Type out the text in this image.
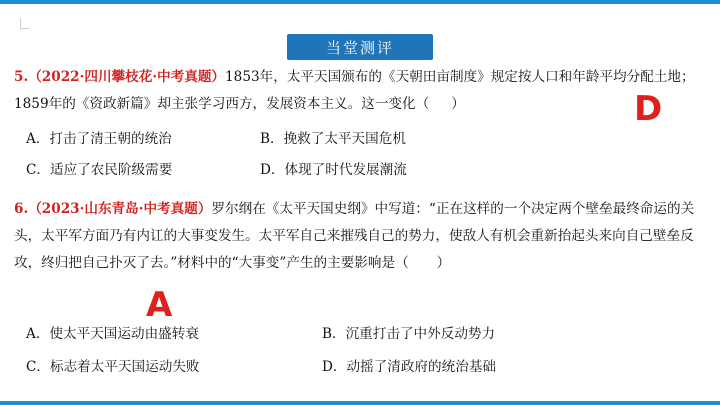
当堂测评
5.（2022·四川攀枝花·中考真题）1853年，太平天国颁布的《天朝田亩制度》规定按人口和年龄平均分配土地；1859年的《资政新篇》却主张学习西方，发展资本主义。这一变化（ ）	D
A．打击了清王朝的统治	B．挽救了太平天国危机
C．适应了农民阶级需要	D．体现了时代发展潮流
6.（2023·山东青岛·中考真题）罗尔纲在《太平天国史纲》中写道：“正在这样的一个决定两个壁垒最终命运的关头，太平军方面乃有内讧的大事变发生。太平军自己来摧残自己的势力，使敌人有机会重新抬起头来向自己壁垒反攻，终归把自己扑灭了去。”材料中的“大事变”产生的主要影响是（ ）
A
A．使太平天国运动由盛转衰	B．沉重打击了中外反动势力
C．标志着太平天国运动失败	D．动摇了清政府的统治基础
